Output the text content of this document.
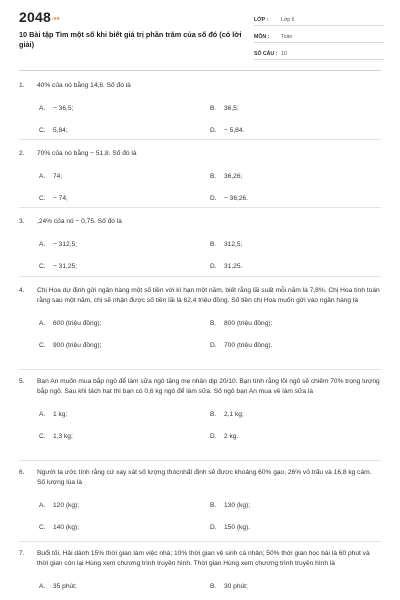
2048.vn
10 Bài tập Tìm một số khi biết giá trị phần trăm của số đó (có lời giải)
LỚP :	Lớp 6
MÔN :	Toán
SỐ CÂU : 10
1.	40% của nó bằng 14,6. Số đó là
A.	− 36,5;	B.	36,5;
C.	5,84;	D.	− 5,84.
2.	70% của nó bằng − 51,8. Số đó là
A.	74;	B.	36,26;
C.	− 74;	D.	− 36,26.
3.	,24% của nó − 0,75. Số đó là
A.	− 312,5;	B.	312,5;
C.	− 31,25;	D.	31,25.
4.	Chị Hoa dự định gửi ngân hàng một số tiền với kì hạn một năm, biết rằng lãi suất mỗi năm là 7,8%. Chị Hoa tính toán rằng sau một năm, chị sẽ nhận được số tiền lãi là 62,4 triệu đồng. Số tiền chị Hoa muốn gửi vào ngân hàng là
A.	600 (triệu đồng);	B.	800 (triệu đồng);
C.	900 (triệu đồng);	D.	700 (triệu đồng).
5.	Bạn An muốn mua bắp ngô để làm sữa ngô tặng mẹ nhân dịp 20/10. Bạn tính rằng lõi ngô sẽ chiếm 70% trọng lượng bắp ngô. Sau khi tách hạt thì bạn có 0,6 kg ngô để làm sữa. Số ngô bạn An mua về làm sữa là
A.	1 kg;	B.	2,1 kg;
C.	1,3 kg;	D.	2 kg.
6.	Người ta ước tính rằng cứ xay xát số lượng thócnhất định sẽ được khoảng 60% gạo, 26% vỏ trấu và 16,8 kg cám. Số lượng lúa là
A.	120 (kg);	B.	130 (kg);
C.	140 (kg);	D.	150 (kg).
7.	Buổi tối, Hải dành 15% thời gian làm việc nhà; 10% thời gian vệ sinh cá nhân; 50% thời gian học bài là 60 phút và thời gian còn lại Hùng xem chương trình truyền hình. Thời gian Hùng xem chương trình truyền hình là
A.	35 phút;	B.	30 phút;
